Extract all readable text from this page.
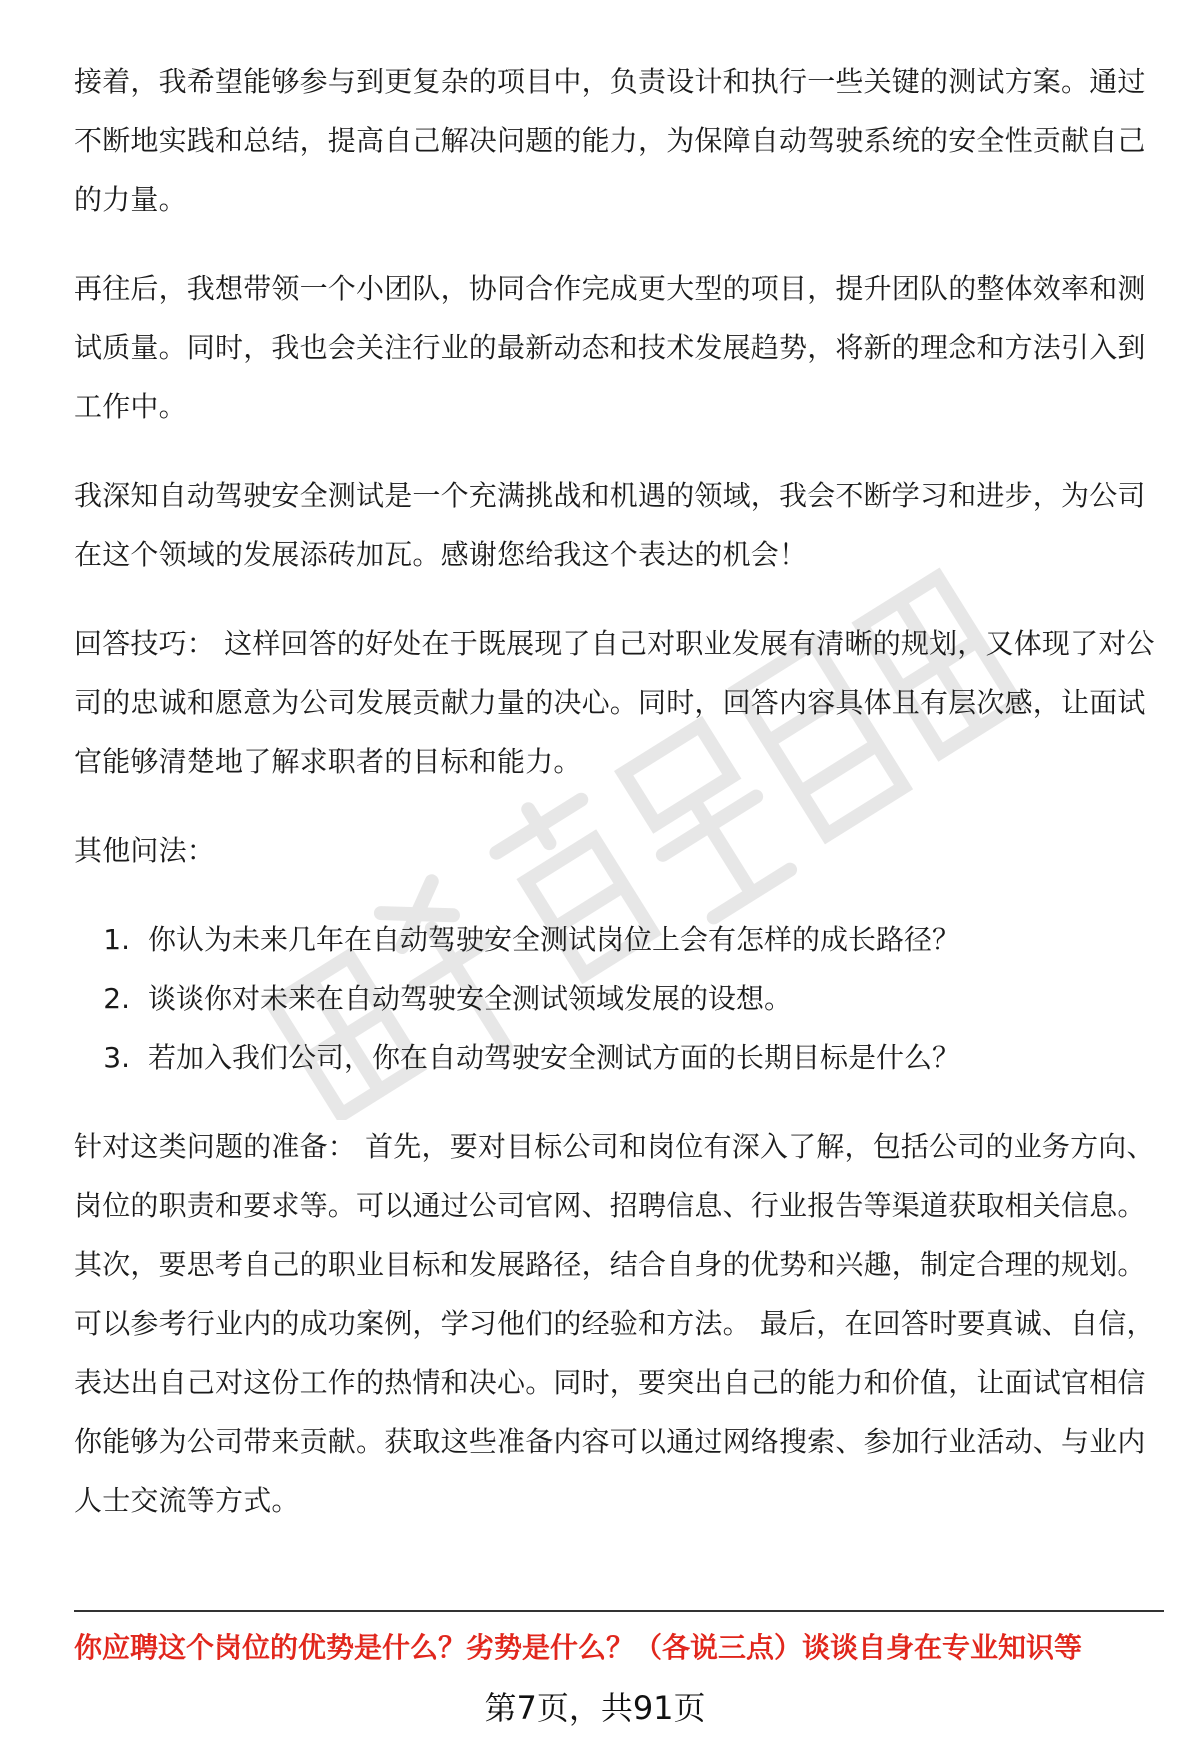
接着，我希望能够参与到更复杂的项目中，负责设计和执行一些关键的测试方案。通过不断地实践和总结，提高自己解决问题的能力，为保障自动驾驶系统的安全性贡献自己的力量。

再往后，我想带领一个小团队，协同合作完成更大型的项目，提升团队的整体效率和测试质量。同时，我也会关注行业的最新动态和技术发展趋势，将新的理念和方法引入到工作中。

我深知自动驾驶安全测试是一个充满挑战和机遇的领域，我会不断学习和进步，为公司在这个领域的发展添砖加瓦。感谢您给我这个表达的机会！

回答技巧： 这样回答的好处在于既展现了自己对职业发展有清晰的规划，又体现了对公司的忠诚和愿意为公司发展贡献力量的决心。同时，回答内容具体且有层次感，让面试官能够清楚地了解求职者的目标和能力。

其他问法：

1. 你认为未来几年在自动驾驶安全测试岗位上会有怎样的成长路径？
2. 谈谈你对未来在自动驾驶安全测试领域发展的设想。
3. 若加入我们公司，你在自动驾驶安全测试方面的长期目标是什么？

针对这类问题的准备： 首先，要对目标公司和岗位有深入了解，包括公司的业务方向、岗位的职责和要求等。可以通过公司官网、招聘信息、行业报告等渠道获取相关信息。 其次，要思考自己的职业目标和发展路径，结合自身的优势和兴趣，制定合理的规划。可以参考行业内的成功案例，学习他们的经验和方法。 最后，在回答时要真诚、自信，表达出自己对这份工作的热情和决心。同时，要突出自己的能力和价值，让面试官相信你能够为公司带来贡献。获取这些准备内容可以通过网络搜索、参加行业活动、与业内人士交流等方式。

你应聘这个岗位的优势是什么？劣势是什么？（各说三点）谈谈自身在专业知识等
第7页，共91页
